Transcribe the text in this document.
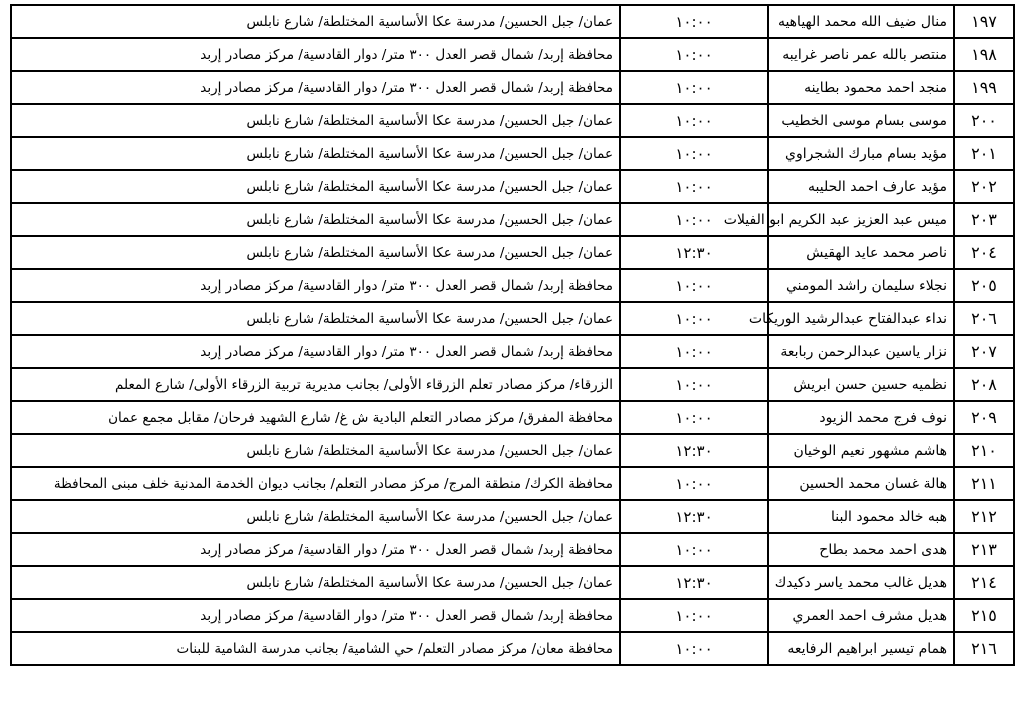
١٩٧	منال ضيف الله محمد الهياهيه	١٠:٠٠	عمان/ جبل الحسين/ مدرسة عكا الأساسية المختلطة/ شارع نابلس
١٩٨	منتصر بالله عمر ناصر غرايبه	١٠:٠٠	محافظة إربد/ شمال قصر العدل ٣٠٠ متر/ دوار القادسية/ مركز مصادر إربد
١٩٩	منجد احمد محمود بطاينه	١٠:٠٠	محافظة إربد/ شمال قصر العدل ٣٠٠ متر/ دوار القادسية/ مركز مصادر إربد
٢٠٠	موسى بسام موسى الخطيب	١٠:٠٠	عمان/ جبل الحسين/ مدرسة عكا الأساسية المختلطة/ شارع نابلس
٢٠١	مؤيد بسام مبارك الشجراوي	١٠:٠٠	عمان/ جبل الحسين/ مدرسة عكا الأساسية المختلطة/ شارع نابلس
٢٠٢	مؤيد عارف احمد الحليبه	١٠:٠٠	عمان/ جبل الحسين/ مدرسة عكا الأساسية المختلطة/ شارع نابلس
٢٠٣	ميس عبد العزيز عبد الكريم ابو الفيلات	١٠:٠٠	عمان/ جبل الحسين/ مدرسة عكا الأساسية المختلطة/ شارع نابلس
٢٠٤	ناصر محمد عايد الهقيش	١٢:٣٠	عمان/ جبل الحسين/ مدرسة عكا الأساسية المختلطة/ شارع نابلس
٢٠٥	نجلاء سليمان راشد المومني	١٠:٠٠	محافظة إربد/ شمال قصر العدل ٣٠٠ متر/ دوار القادسية/ مركز مصادر إربد
٢٠٦	نداء عبدالفتاح عبدالرشيد الوريكات	١٠:٠٠	عمان/ جبل الحسين/ مدرسة عكا الأساسية المختلطة/ شارع نابلس
٢٠٧	نزار ياسين عبدالرحمن ربابعة	١٠:٠٠	محافظة إربد/ شمال قصر العدل ٣٠٠ متر/ دوار القادسية/ مركز مصادر إربد
٢٠٨	نظميه حسين حسن ابريش	١٠:٠٠	الزرقاء/ مركز مصادر تعلم الزرقاء الأولى/ بجانب مديرية تربية الزرقاء الأولى/ شارع المعلم
٢٠٩	نوف فرج محمد الزيود	١٠:٠٠	محافظة المفرق/ مركز مصادر التعلم البادية ش غ/ شارع الشهيد فرحان/ مقابل مجمع عمان
٢١٠	هاشم مشهور نعيم الوخيان	١٢:٣٠	عمان/ جبل الحسين/ مدرسة عكا الأساسية المختلطة/ شارع نابلس
٢١١	هالة غسان محمد الحسين	١٠:٠٠	محافظة الكرك/ منطقة المرج/ مركز مصادر التعلم/ بجانب ديوان الخدمة المدنية خلف مبنى المحافظة
٢١٢	هبه خالد محمود البنا	١٢:٣٠	عمان/ جبل الحسين/ مدرسة عكا الأساسية المختلطة/ شارع نابلس
٢١٣	هدى احمد محمد بطاح	١٠:٠٠	محافظة إربد/ شمال قصر العدل ٣٠٠ متر/ دوار القادسية/ مركز مصادر إربد
٢١٤	هديل غالب محمد ياسر دكيدك	١٢:٣٠	عمان/ جبل الحسين/ مدرسة عكا الأساسية المختلطة/ شارع نابلس
٢١٥	هديل مشرف احمد العمري	١٠:٠٠	محافظة إربد/ شمال قصر العدل ٣٠٠ متر/ دوار القادسية/ مركز مصادر إربد
٢١٦	همام تيسير ابراهيم الرفايعه	١٠:٠٠	محافظة معان/ مركز مصادر التعلم/ حي الشامية/ بجانب مدرسة الشامية للبنات
